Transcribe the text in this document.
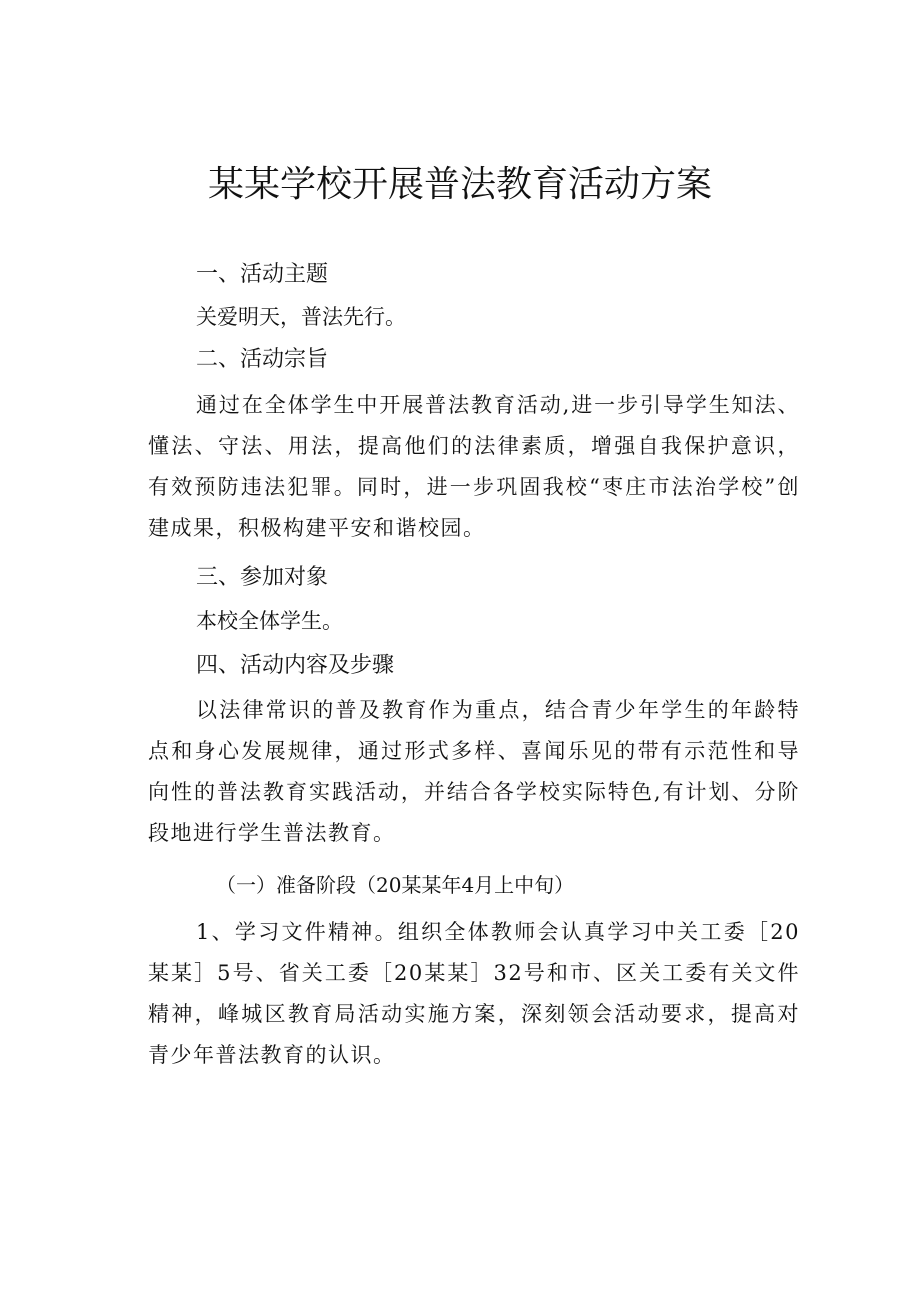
某某学校开展普法教育活动方案
一、活动主题
关爱明天，普法先行。
二、活动宗旨
通过在全体学生中开展普法教育活动,进一步引导学生知法、懂法、守法、用法，提高他们的法律素质，增强自我保护意识，有效预防违法犯罪。同时，进一步巩固我校“枣庄市法治学校”创建成果，积极构建平安和谐校园。
三、参加对象
本校全体学生。
四、活动内容及步骤
以法律常识的普及教育作为重点，结合青少年学生的年龄特点和身心发展规律，通过形式多样、喜闻乐见的带有示范性和导向性的普法教育实践活动，并结合各学校实际特色,有计划、分阶段地进行学生普法教育。
（一）准备阶段（20某某年4月上中旬）
1、学习文件精神。组织全体教师会认真学习中关工委［20某某］5号、省关工委［20某某］32号和市、区关工委有关文件精神，峰城区教育局活动实施方案，深刻领会活动要求，提高对青少年普法教育的认识。
